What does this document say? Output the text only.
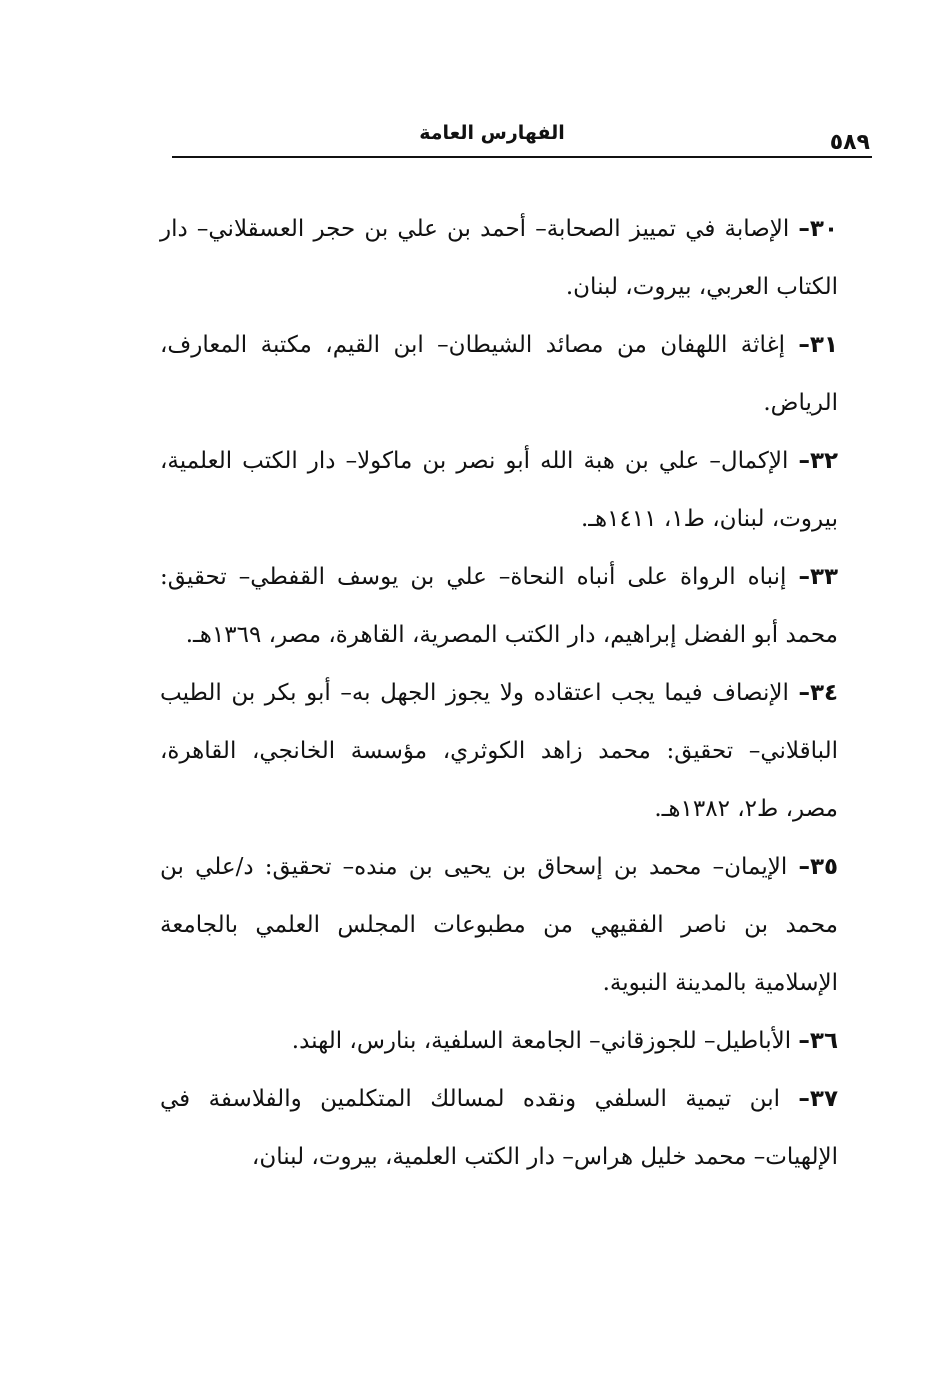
الفهارس العامة	٥٨٩

٣٠– الإصابة في تمييز الصحابة– أحمد بن علي بن حجر العسقلاني– دار الكتاب العربي، بيروت، لبنان.

٣١– إغاثة اللهفان من مصائد الشيطان– ابن القيم، مكتبة المعارف، الرياض.

٣٢– الإكمال– علي بن هبة الله أبو نصر بن ماكولا– دار الكتب العلمية، بيروت، لبنان، ط١، ١٤١١هـ.

٣٣– إنباه الرواة على أنباه النحاة– علي بن يوسف القفطي– تحقيق: محمد أبو الفضل إبراهيم، دار الكتب المصرية، القاهرة، مصر، ١٣٦٩هـ.

٣٤– الإنصاف فيما يجب اعتقاده ولا يجوز الجهل به– أبو بكر بن الطيب الباقلاني– تحقيق: محمد زاهد الكوثري، مؤسسة الخانجي، القاهرة، مصر، ط٢، ١٣٨٢هـ.

٣٥– الإيمان– محمد بن إسحاق بن يحيى بن منده– تحقيق: د/علي بن محمد بن ناصر الفقيهي من مطبوعات المجلس العلمي بالجامعة الإسلامية بالمدينة النبوية.

٣٦– الأباطيل– للجوزقاني– الجامعة السلفية، بنارس، الهند.

٣٧– ابن تيمية السلفي ونقده لمسالك المتكلمين والفلاسفة في الإلهيات– محمد خليل هراس– دار الكتب العلمية، بيروت، لبنان،
